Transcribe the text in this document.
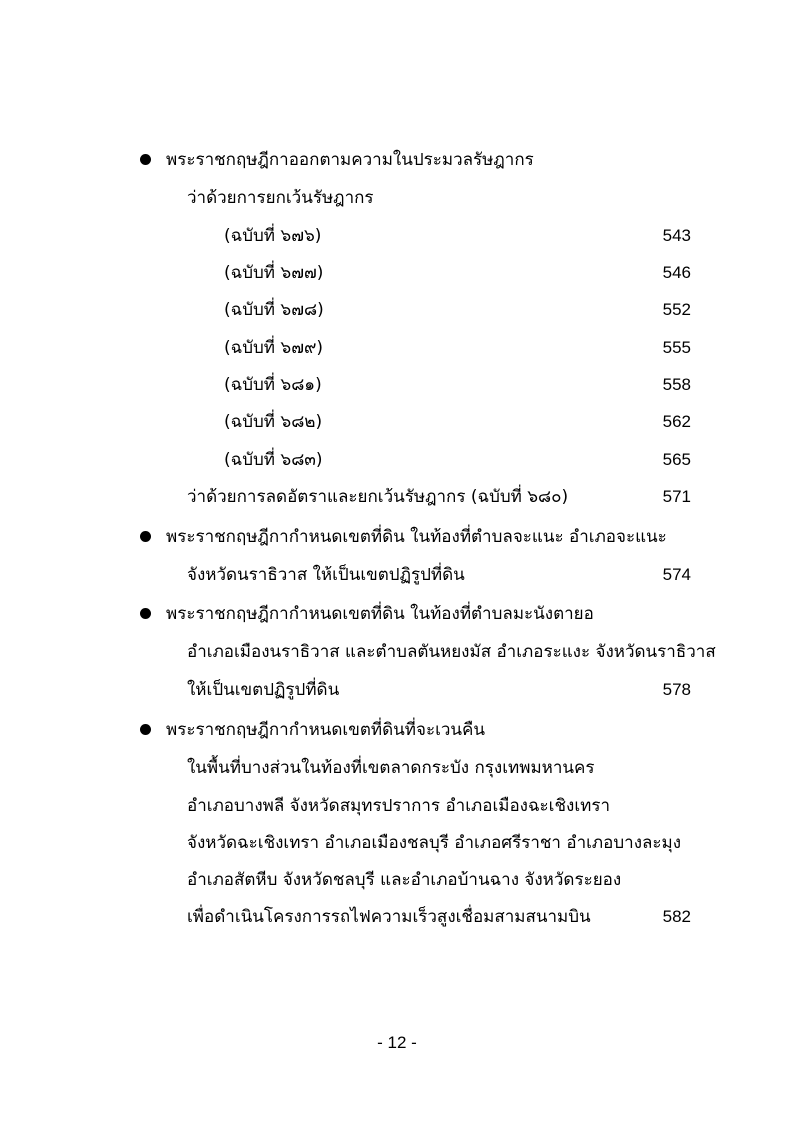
พระราชกฤษฎีกาออกตามความในประมวลรัษฎากร
ว่าด้วยการยกเว้นรัษฎากร
(ฉบับที่ ๖๗๖)	543
(ฉบับที่ ๖๗๗)	546
(ฉบับที่ ๖๗๘)	552
(ฉบับที่ ๖๗๙)	555
(ฉบับที่ ๖๘๑)	558
(ฉบับที่ ๖๘๒)	562
(ฉบับที่ ๖๘๓)	565
ว่าด้วยการลดอัตราและยกเว้นรัษฎากร (ฉบับที่ ๖๘๐)	571
พระราชกฤษฎีกากำหนดเขตที่ดิน ในท้องที่ตำบลจะแนะ อำเภอจะแนะ
จังหวัดนราธิวาส ให้เป็นเขตปฏิรูปที่ดิน	574
พระราชกฤษฎีกากำหนดเขตที่ดิน ในท้องที่ตำบลมะนังตายอ
อำเภอเมืองนราธิวาส และตำบลตันหยงมัส อำเภอระแงะ จังหวัดนราธิวาส
ให้เป็นเขตปฏิรูปที่ดิน	578
พระราชกฤษฎีกากำหนดเขตที่ดินที่จะเวนคืน
ในพื้นที่บางส่วนในท้องที่เขตลาดกระบัง กรุงเทพมหานคร
อำเภอบางพลี จังหวัดสมุทรปราการ อำเภอเมืองฉะเชิงเทรา
จังหวัดฉะเชิงเทรา อำเภอเมืองชลบุรี อำเภอศรีราชา อำเภอบางละมุง
อำเภอสัตหีบ จังหวัดชลบุรี และอำเภอบ้านฉาง จังหวัดระยอง
เพื่อดำเนินโครงการรถไฟความเร็วสูงเชื่อมสามสนามบิน	582
- 12 -
